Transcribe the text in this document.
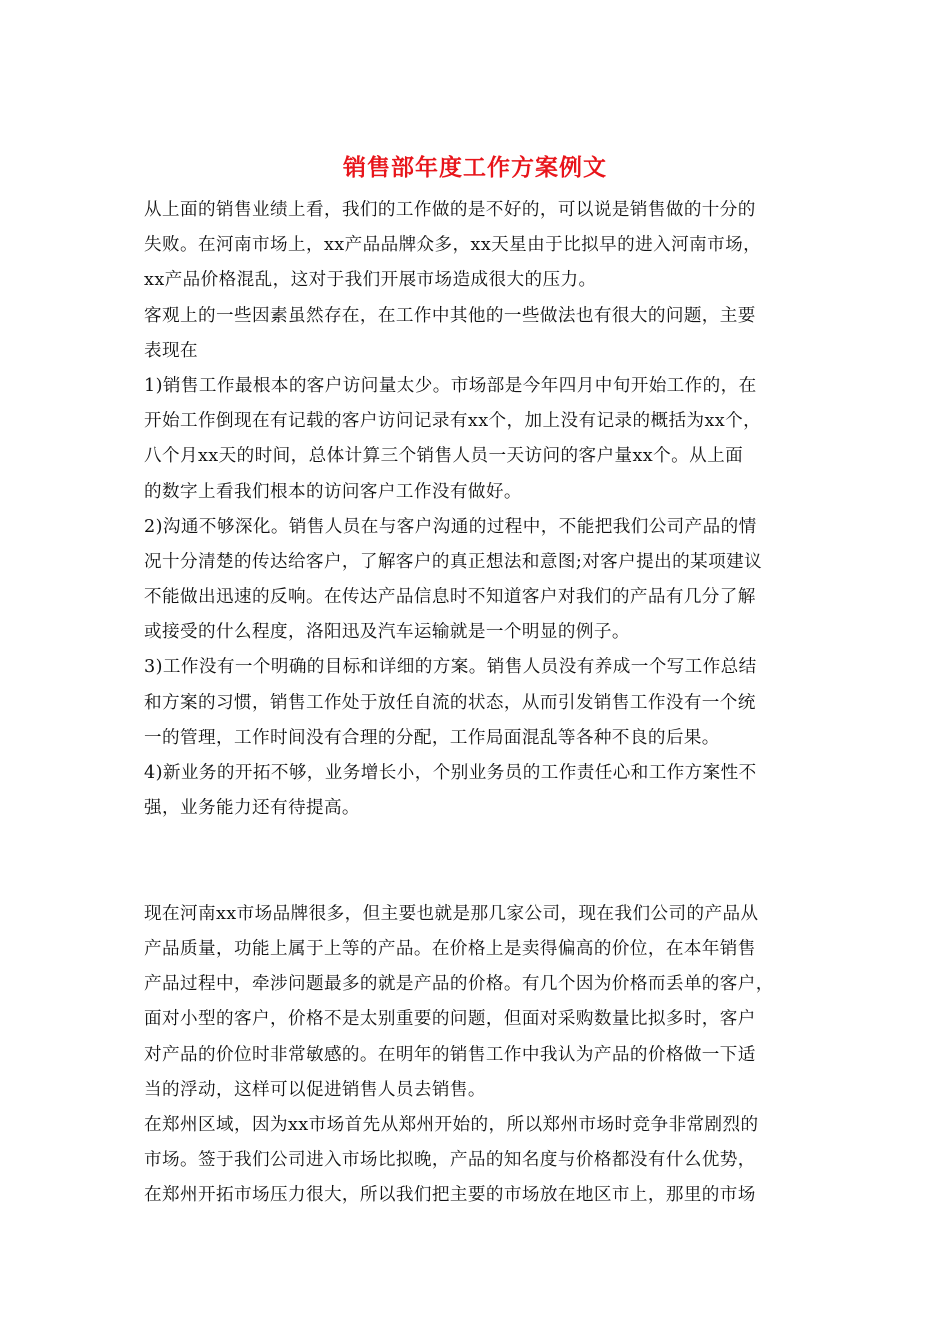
销售部年度工作方案例文
从上面的销售业绩上看，我们的工作做的是不好的，可以说是销售做的十分的
失败。在河南市场上，xx产品品牌众多，xx天星由于比拟早的进入河南市场，
xx产品价格混乱，这对于我们开展市场造成很大的压力。
客观上的一些因素虽然存在，在工作中其他的一些做法也有很大的问题，主要
表现在
1)销售工作最根本的客户访问量太少。市场部是今年四月中旬开始工作的，在
开始工作倒现在有记载的客户访问记录有xx个，加上没有记录的概括为xx个，
八个月xx天的时间，总体计算三个销售人员一天访问的客户量xx个。从上面
的数字上看我们根本的访问客户工作没有做好。
2)沟通不够深化。销售人员在与客户沟通的过程中，不能把我们公司产品的情
况十分清楚的传达给客户，了解客户的真正想法和意图;对客户提出的某项建议
不能做出迅速的反响。在传达产品信息时不知道客户对我们的产品有几分了解
或接受的什么程度，洛阳迅及汽车运输就是一个明显的例子。
3)工作没有一个明确的目标和详细的方案。销售人员没有养成一个写工作总结
和方案的习惯，销售工作处于放任自流的状态，从而引发销售工作没有一个统
一的管理，工作时间没有合理的分配，工作局面混乱等各种不良的后果。
4)新业务的开拓不够，业务增长小，个别业务员的工作责任心和工作方案性不
强，业务能力还有待提高。
现在河南xx市场品牌很多，但主要也就是那几家公司，现在我们公司的产品从
产品质量，功能上属于上等的产品。在价格上是卖得偏高的价位，在本年销售
产品过程中，牵涉问题最多的就是产品的价格。有几个因为价格而丢单的客户，
面对小型的客户，价格不是太别重要的问题，但面对采购数量比拟多时，客户
对产品的价位时非常敏感的。在明年的销售工作中我认为产品的价格做一下适
当的浮动，这样可以促进销售人员去销售。
在郑州区域，因为xx市场首先从郑州开始的，所以郑州市场时竞争非常剧烈的
市场。签于我们公司进入市场比拟晚，产品的知名度与价格都没有什么优势，
在郑州开拓市场压力很大，所以我们把主要的市场放在地区市上，那里的市场
